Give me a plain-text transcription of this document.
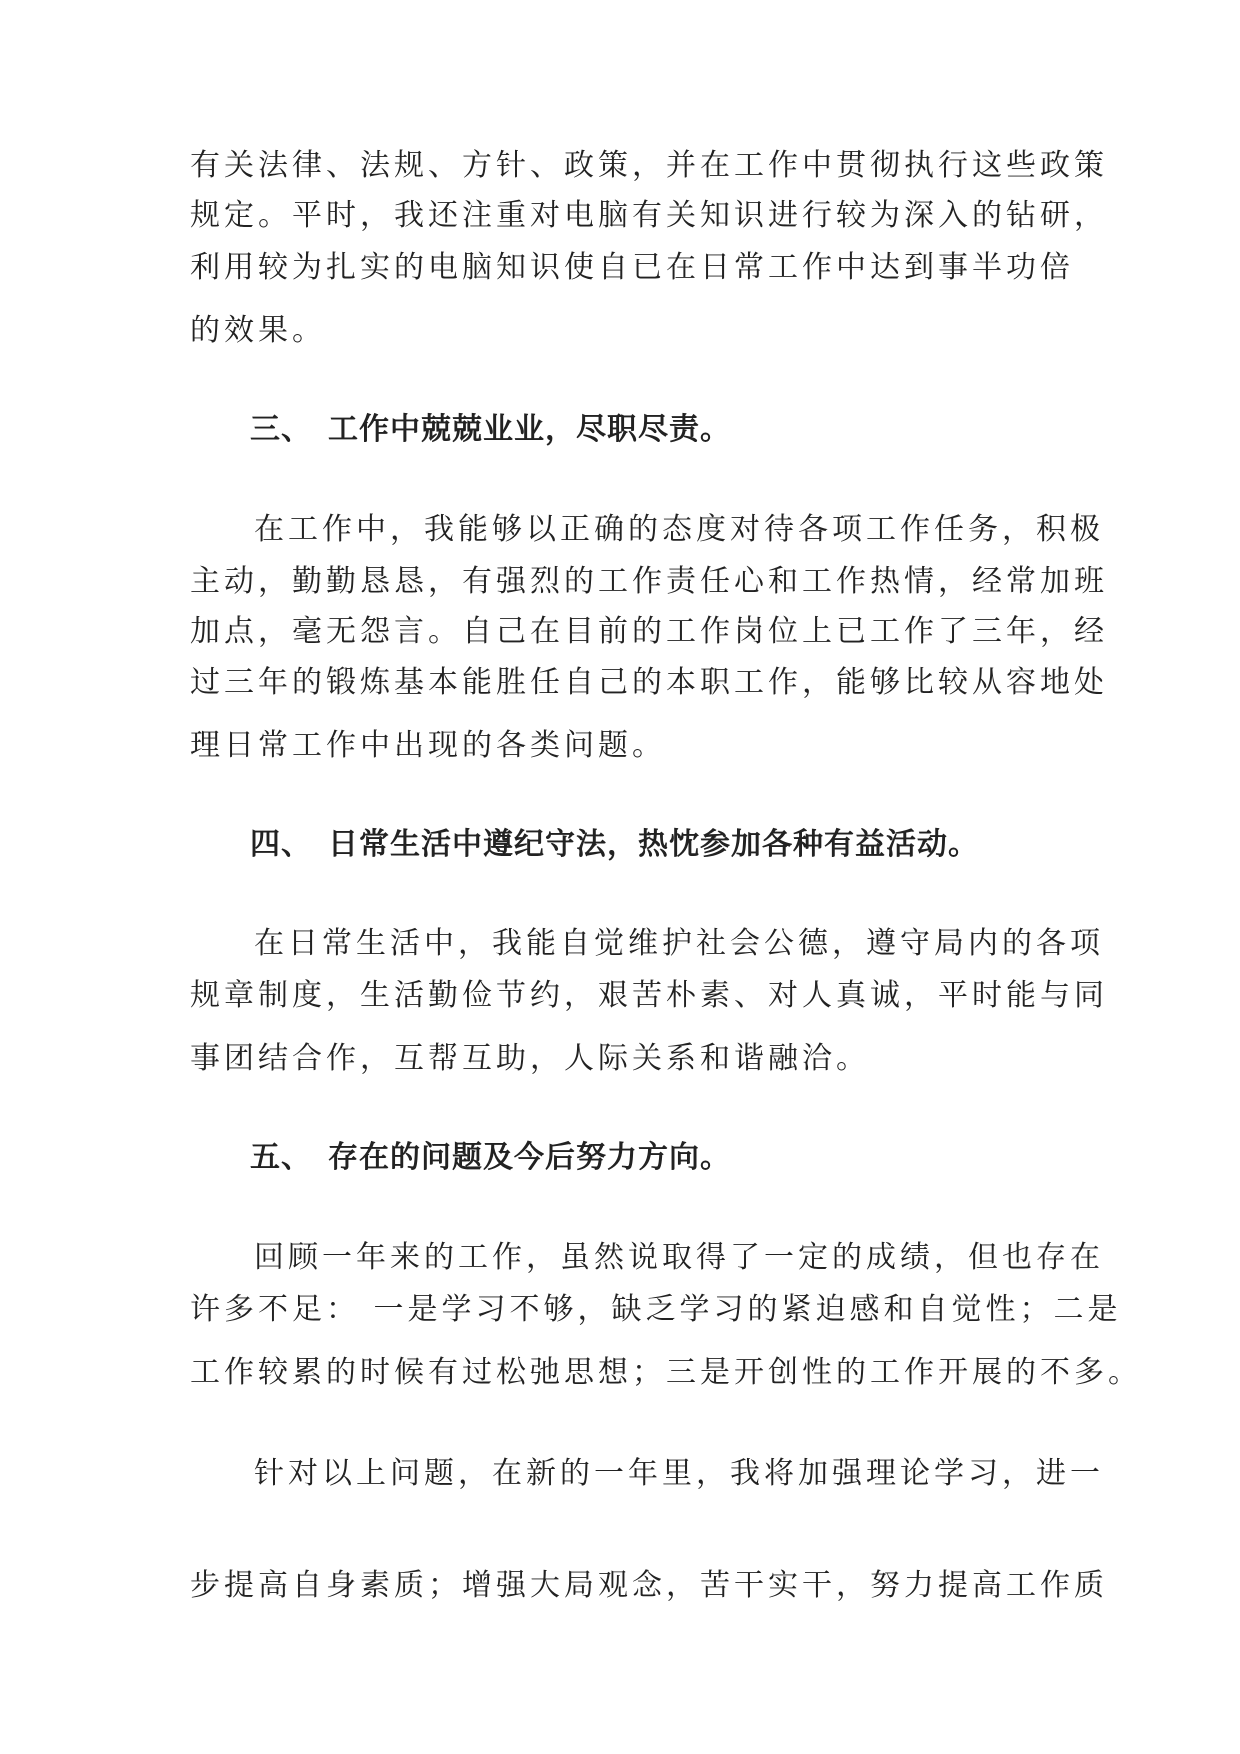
有关法律、法规、方针、政策，并在工作中贯彻执行这些政策
规定。平时，我还注重对电脑有关知识进行较为深入的钻研，
利用较为扎实的电脑知识使自已在日常工作中达到事半功倍
的效果。
三、 工作中兢兢业业，尽职尽责。
在工作中，我能够以正确的态度对待各项工作任务，积极
主动，勤勤恳恳，有强烈的工作责任心和工作热情，经常加班
加点，毫无怨言。自己在目前的工作岗位上已工作了三年，经
过三年的锻炼基本能胜任自己的本职工作，能够比较从容地处
理日常工作中出现的各类问题。
四、 日常生活中遵纪守法，热忱参加各种有益活动。
在日常生活中，我能自觉维护社会公德，遵守局内的各项
规章制度，生活勤俭节约，艰苦朴素、对人真诚，平时能与同
事团结合作，互帮互助，人际关系和谐融洽。
五、 存在的问题及今后努力方向。
回顾一年来的工作，虽然说取得了一定的成绩，但也存在
许多不足： 一是学习不够，缺乏学习的紧迫感和自觉性；二是
工作较累的时候有过松弛思想；三是开创性的工作开展的不多。
针对以上问题，在新的一年里，我将加强理论学习，进一
步提高自身素质；增强大局观念，苦干实干，努力提高工作质
